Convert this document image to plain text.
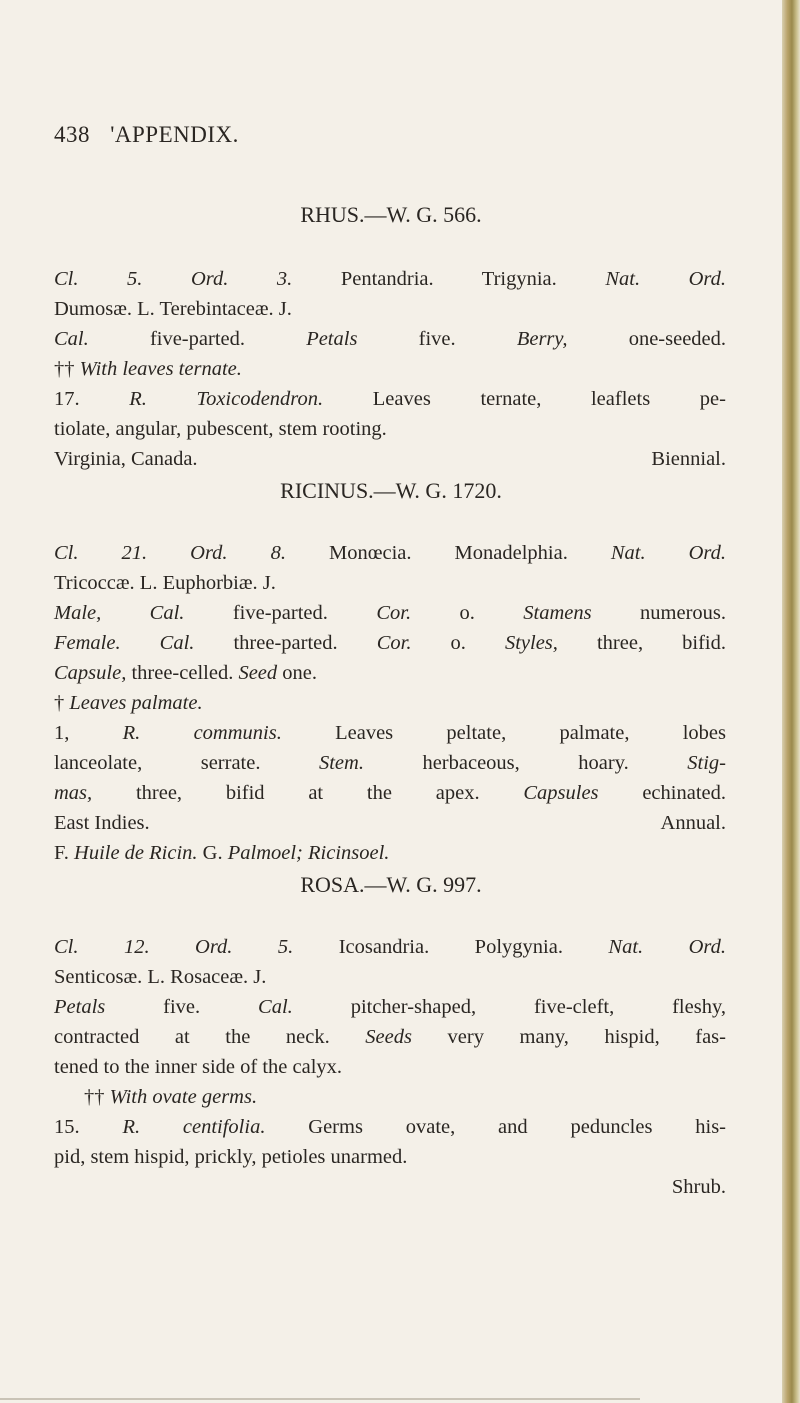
438 'APPENDIX.
RHUS.—W. G. 566.
Cl. 5. Ord. 3. Pentandria. Trigynia. Nat. Ord.
Dumosæ. L. Terebintaceæ. J.
Cal. five-parted. Petals five. Berry, one-seeded.
†† With leaves ternate.
17. R. Toxicodendron. Leaves ternate, leaflets pe-
tiolate, angular, pubescent, stem rooting.
Virginia, Canada.	Biennial.
RICINUS.—W. G. 1720.
Cl. 21. Ord. 8. Monœcia. Monadelphia. Nat. Ord.
Tricoccæ. L. Euphorbiæ. J.
Male, Cal. five-parted. Cor. o. Stamens numerous.
Female. Cal. three-parted. Cor. o. Styles, three, bifid.
Capsule, three-celled. Seed one.
† Leaves palmate.
1, R. communis. Leaves peltate, palmate, lobes
lanceolate, serrate. Stem. herbaceous, hoary. Stig-
mas, three, bifid at the apex. Capsules echinated.
East Indies.	Annual.
F. Huile de Ricin. G. Palmoel; Ricinsoel.
ROSA.—W. G. 997.
Cl. 12. Ord. 5. Icosandria. Polygynia. Nat. Ord.
Senticosæ. L. Rosaceæ. J.
Petals five. Cal. pitcher-shaped, five-cleft, fleshy,
contracted at the neck. Seeds very many, hispid, fas-
tened to the inner side of the calyx.
†† With ovate germs.
15. R. centifolia. Germs ovate, and peduncles his-
pid, stem hispid, prickly, petioles unarmed.
Shrub.
